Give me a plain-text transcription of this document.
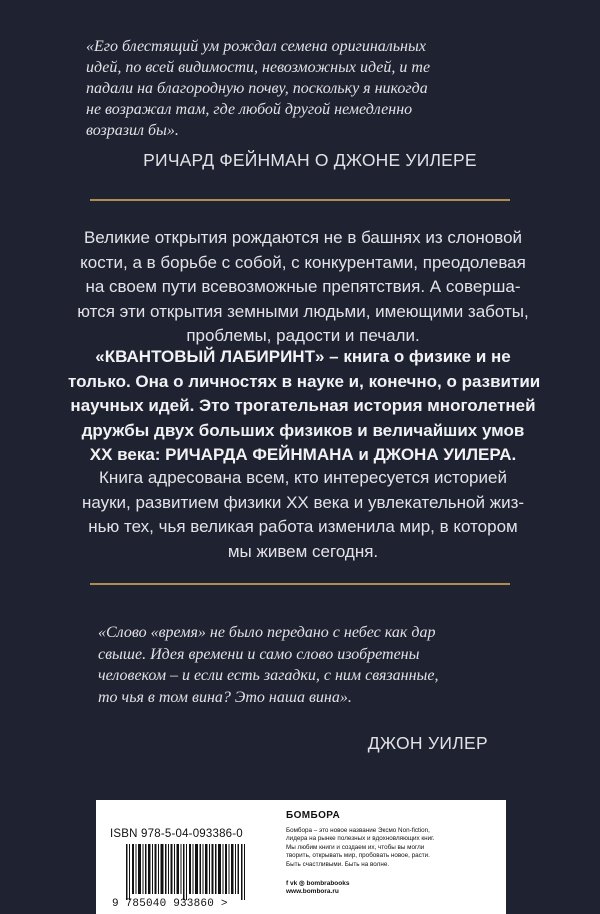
«Его блестящий ум рождал семена оригинальных
идей, по всей видимости, невозможных идей, и те
падали на благородную почву, поскольку я никогда
не возражал там, где любой другой немедленно
возразил бы».
РИЧАРД ФЕЙНМАН О ДЖОНЕ УИЛЕРЕ
Великие открытия рождаются не в башнях из слоновой
кости, а в борьбе с собой, с конкурентами, преодолевая
на своем пути всевозможные препятствия. А соверша-
ются эти открытия земными людьми, имеющими заботы,
проблемы, радости и печали.
«КВАНТОВЫЙ ЛАБИРИНТ» – книга о физике и не
только. Она о личностях в науке и, конечно, о развитии
научных идей. Это трогательная история многолетней
дружбы двух больших физиков и величайших умов
XX века: РИЧАРДА ФЕЙНМАНА и ДЖОНА УИЛЕРА.
Книга адресована всем, кто интересуется историей
науки, развитием физики XX века и увлекательной жиз-
нью тех, чья великая работа изменила мир, в котором
мы живем сегодня.
«Слово «время» не было передано с небес как дар
свыше. Идея времени и само слово изобретены
человеком – и если есть загадки, с ним связанные,
то чья в том вина? Это наша вина».
ДЖОН УИЛЕР
ISBN 978-5-04-093386-0
9 785040 933860 >
БОМБОРА
Бомбора – это новое название Эксмо Non-fiction,
лидера на рынке полезных и вдохновляющих книг.
Мы любим книги и создаем их, чтобы вы могли
творить, открывать мир, пробовать новое, расти.
Быть счастливыми. Быть на волне.
f vk ◎ bombrabooks
www.bombora.ru
